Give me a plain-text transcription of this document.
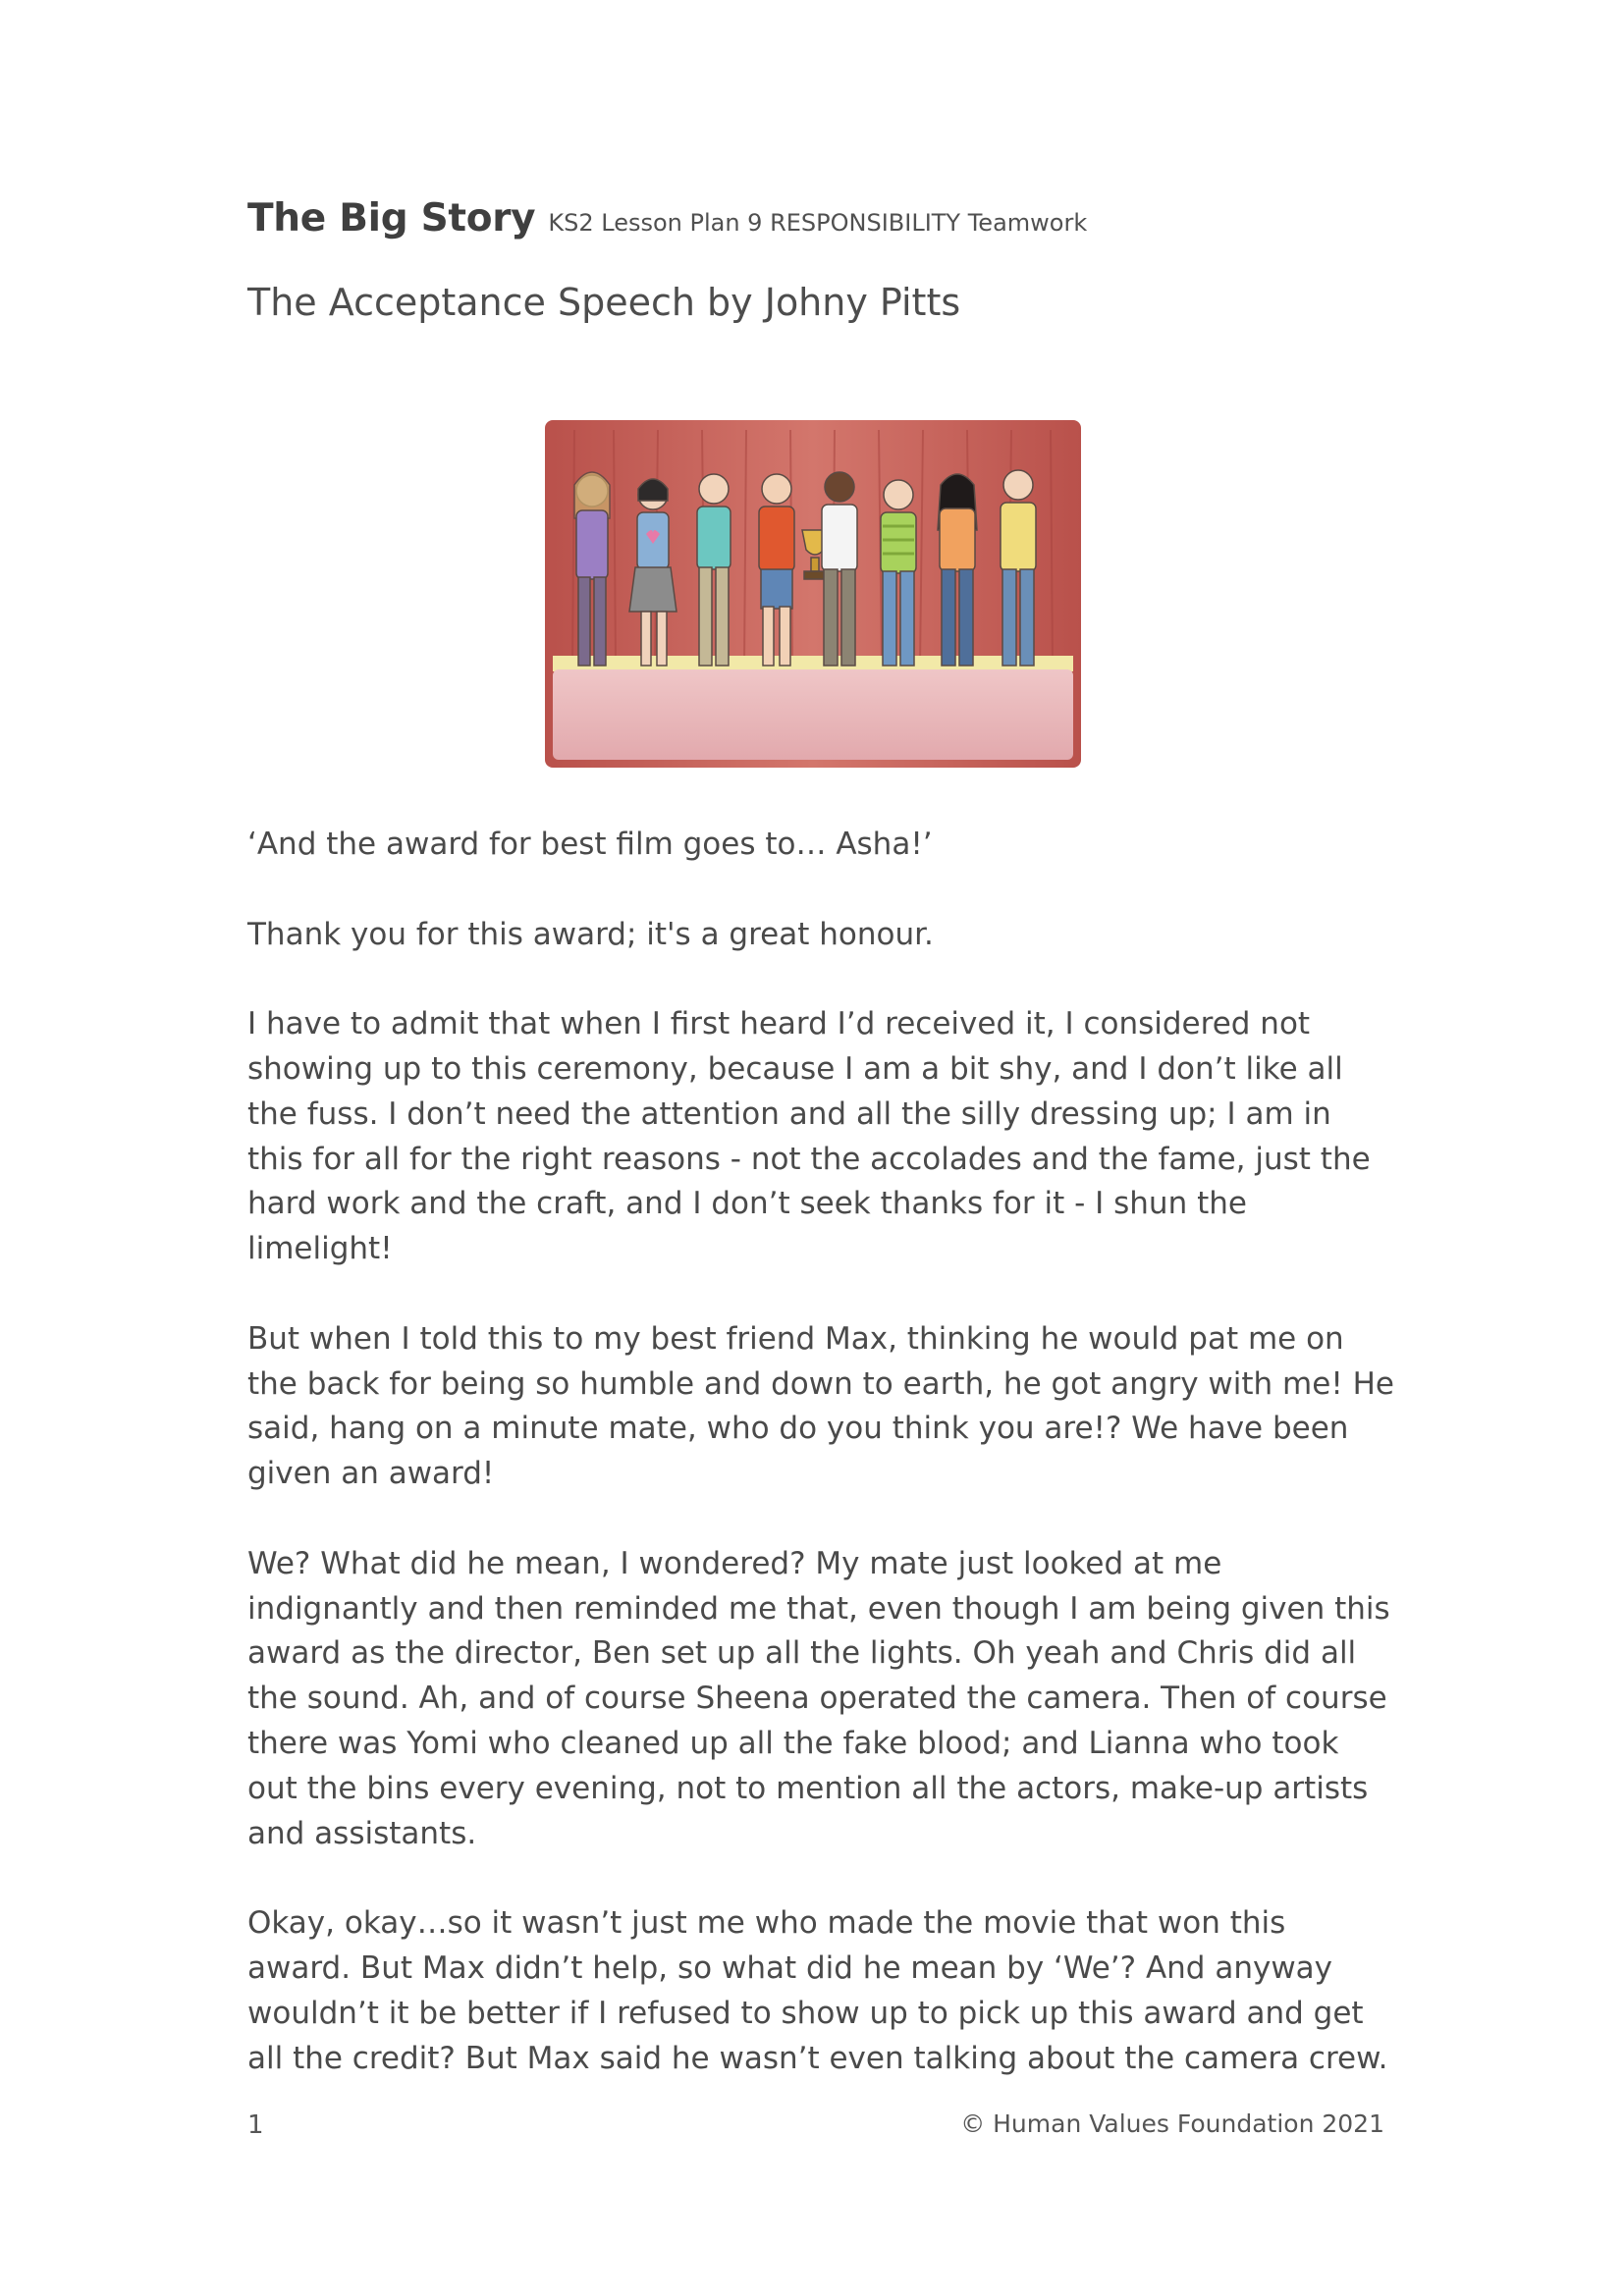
The Big Story KS2 Lesson Plan 9 RESPONSIBILITY Teamwork
The Acceptance Speech by Johny Pitts

‘And the award for best film goes to… Asha!’

Thank you for this award; it's a great honour.

I have to admit that when I first heard I’d received it, I considered not showing up to this ceremony, because I am a bit shy, and I don’t like all the fuss. I don’t need the attention and all the silly dressing up; I am in this for all for the right reasons - not the accolades and the fame, just the hard work and the craft, and I don’t seek thanks for it - I shun the limelight!

But when I told this to my best friend Max, thinking he would pat me on the back for being so humble and down to earth, he got angry with me! He said, hang on a minute mate, who do you think you are!? We have been given an award!

We? What did he mean, I wondered? My mate just looked at me indignantly and then reminded me that, even though I am being given this award as the director, Ben set up all the lights. Oh yeah and Chris did all the sound. Ah, and of course Sheena operated the camera. Then of course there was Yomi who cleaned up all the fake blood; and Lianna who took out the bins every evening, not to mention all the actors, make-up artists and assistants.

Okay, okay…so it wasn’t just me who made the movie that won this award. But Max didn’t help, so what did he mean by ‘We’? And anyway wouldn’t it be better if I refused to show up to pick up this award and get all the credit? But Max said he wasn’t even talking about the camera crew.

1	© Human Values Foundation 2021
